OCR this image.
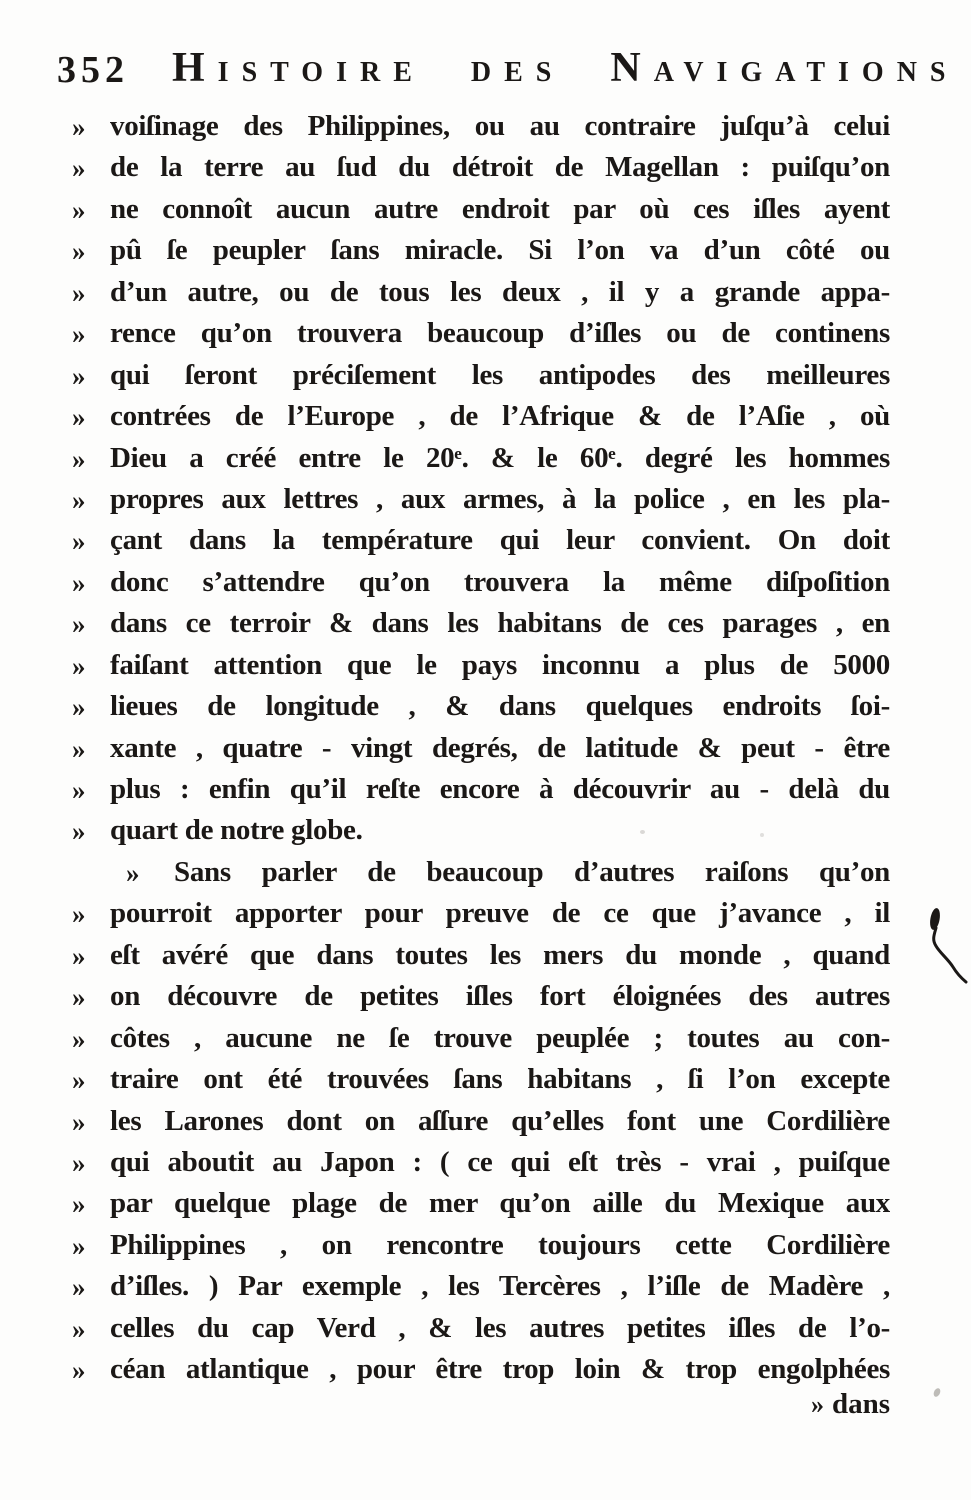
352 HISTOIRE DES NAVIGATIONS
» voiſinage des Philippines, ou au contraire juſqu’à celui
» de la terre au ſud du détroit de Magellan : puiſqu’on
» ne connoît aucun autre endroit par où ces iſles ayent
» pû ſe peupler ſans miracle. Si l’on va d’un côté ou
» d’un autre, ou de tous les deux , il y a grande appa-
» rence qu’on trouvera beaucoup d’iſles ou de continens
» qui ſeront préciſement les antipodes des meilleures
» contrées de l’Europe , de l’Afrique & de l’Aſie , où
» Dieu a créé entre le 20ᵉ. & le 60ᵉ. degré les hommes
» propres aux lettres , aux armes, à la police , en les pla-
» çant dans la température qui leur convient. On doit
» donc s’attendre qu’on trouvera la même diſpoſition
» dans ce terroir & dans les habitans de ces parages , en
» faiſant attention que le pays inconnu a plus de 5000
» lieues de longitude , & dans quelques endroits ſoi-
» xante , quatre - vingt degrés, de latitude & peut - être
» plus : enfin qu’il reſte encore à découvrir au - delà du
» quart de notre globe.
» Sans parler de beaucoup d’autres raiſons qu’on
» pourroit apporter pour preuve de ce que j’avance , il
» eſt avéré que dans toutes les mers du monde , quand
» on découvre de petites iſles fort éloignées des autres
» côtes , aucune ne ſe trouve peuplée ; toutes au con-
» traire ont été trouvées ſans habitans , ſi l’on excepte
» les Larones dont on aſſure qu’elles font une Cordilière
» qui aboutit au Japon : ( ce qui eſt très - vrai , puiſque
» par quelque plage de mer qu’on aille du Mexique aux
» Philippines , on rencontre toujours cette Cordilière
» d’iſles. ) Par exemple , les Tercères , l’iſle de Madère ,
» celles du cap Verd , & les autres petites iſles de l’o-
» céan atlantique , pour être trop loin & trop engolphées
» dans
